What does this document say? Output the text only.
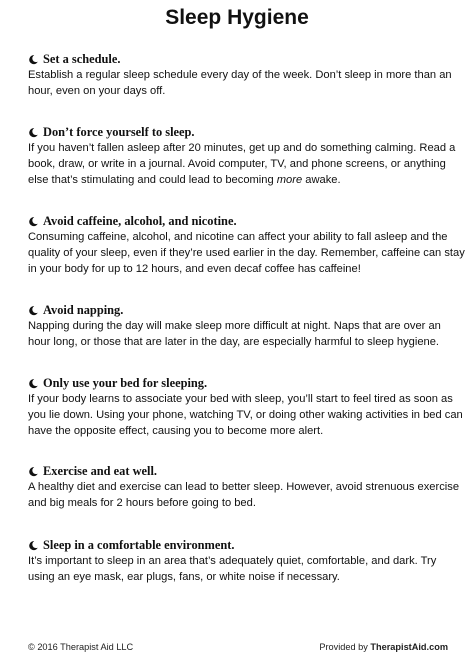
Sleep Hygiene
Set a schedule.
Establish a regular sleep schedule every day of the week. Don’t sleep in more than an
hour, even on your days off.
Don’t force yourself to sleep.
If you haven’t fallen asleep after 20 minutes, get up and do something calming. Read a
book, draw, or write in a journal. Avoid computer, TV, and phone screens, or anything
else that’s stimulating and could lead to becoming more awake.
Avoid caffeine, alcohol, and nicotine.
Consuming caffeine, alcohol, and nicotine can affect your ability to fall asleep and the
quality of your sleep, even if they’re used earlier in the day. Remember, caffeine can stay
in your body for up to 12 hours, and even decaf coffee has caffeine!
Avoid napping.
Napping during the day will make sleep more difficult at night. Naps that are over an
hour long, or those that are later in the day, are especially harmful to sleep hygiene.
Only use your bed for sleeping.
If your body learns to associate your bed with sleep, you’ll start to feel tired as soon as
you lie down. Using your phone, watching TV, or doing other waking activities in bed can
have the opposite effect, causing you to become more alert.
Exercise and eat well.
A healthy diet and exercise can lead to better sleep. However, avoid strenuous exercise
and big meals for 2 hours before going to bed.
Sleep in a comfortable environment.
It’s important to sleep in an area that’s adequately quiet, comfortable, and dark. Try
using an eye mask, ear plugs, fans, or white noise if necessary.
© 2016 Therapist Aid LLC	Provided by TherapistAid.com
